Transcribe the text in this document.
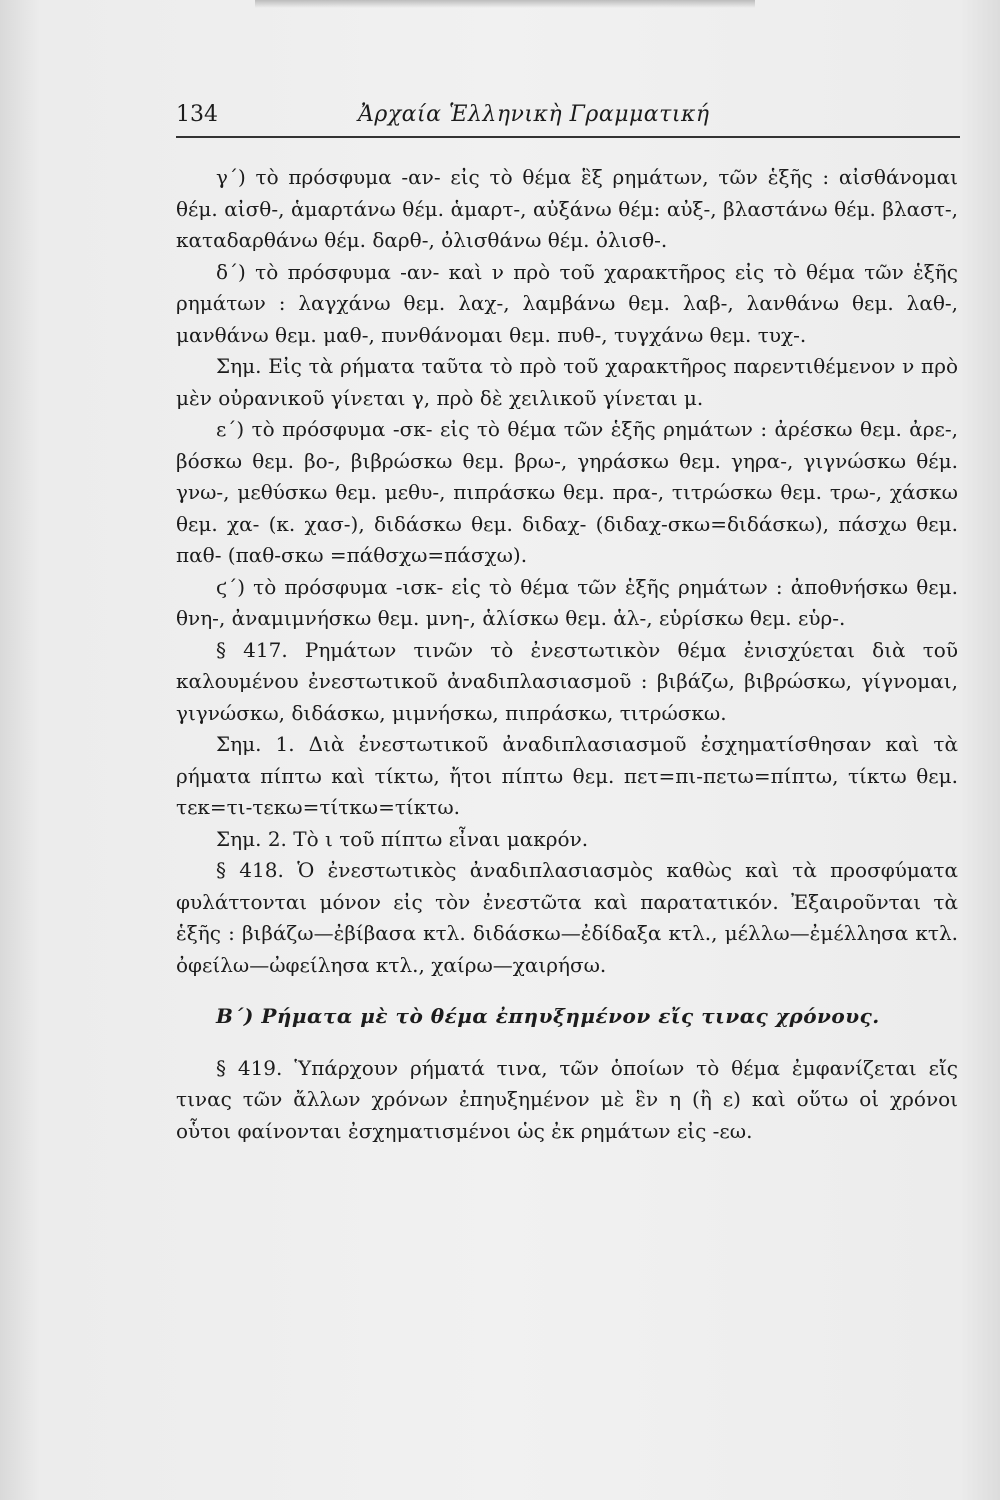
134	Ἀρχαία Ἑλληνικὴ Γραμματική

γ΄) τὸ πρόσφυμα -αν- εἰς τὸ θέμα ἓξ ρημάτων, τῶν ἑξῆς : αἰσθάνομαι θέμ. αἰσθ-, ἁμαρτάνω θέμ. ἁμαρτ-, αὐξάνω θέμ: αὐξ-, βλαστάνω θέμ. βλαστ-, καταδαρθάνω θέμ. δαρθ-, ὀλισθάνω θέμ. ὀλισθ-.

δ΄) τὸ πρόσφυμα -αν- καὶ ν πρὸ τοῦ χαρακτῆρος εἰς τὸ θέμα τῶν ἑξῆς ρημάτων : λαγχάνω θεμ. λαχ-, λαμβάνω θεμ. λαβ-, λανθάνω θεμ. λαθ-, μανθάνω θεμ. μαθ-, πυνθάνομαι θεμ. πυθ-, τυγχάνω θεμ. τυχ-.

Σημ. Εἰς τὰ ρήματα ταῦτα τὸ πρὸ τοῦ χαρακτῆρος παρεντιθέμενον ν πρὸ μὲν οὐρανικοῦ γίνεται γ, πρὸ δὲ χειλικοῦ γίνεται μ.

ε΄) τὸ πρόσφυμα -σκ- εἰς τὸ θέμα τῶν ἑξῆς ρημάτων : ἀρέσκω θεμ. ἀρε-, βόσκω θεμ. βο-, βιβρώσκω θεμ. βρω-, γηράσκω θεμ. γηρα-, γιγνώσκω θέμ. γνω-, μεθύσκω θεμ. μεθυ-, πιπράσκω θεμ. πρα-, τιτρώσκω θεμ. τρω-, χάσκω θεμ. χα- (κ. χασ-), διδάσκω θεμ. διδαχ- (διδαχ-σκω=διδάσκω), πάσχω θεμ. παθ- (παθ-σκω =πάθσχω=πάσχω).

ϛ΄) τὸ πρόσφυμα -ισκ- εἰς τὸ θέμα τῶν ἑξῆς ρημάτων : ἀποθνήσκω θεμ. θνη-, ἀναμιμνήσκω θεμ. μνη-, ἁλίσκω θεμ. ἁλ-, εὑρίσκω θεμ. εὑρ-.

§ 417. Ρημάτων τινῶν τὸ ἐνεστωτικὸν θέμα ἐνισχύεται διὰ τοῦ καλουμένου ἐνεστωτικοῦ ἀναδιπλασιασμοῦ : βιβάζω, βιβρώσκω, γίγνομαι, γιγνώσκω, διδάσκω, μιμνήσκω, πιπράσκω, τιτρώσκω.

Σημ. 1. Διὰ ἐνεστωτικοῦ ἀναδιπλασιασμοῦ ἐσχηματίσθησαν καὶ τὰ ρήματα πίπτω καὶ τίκτω, ἤτοι πίπτω θεμ. πετ=πι-πετω=πίπτω, τίκτω θεμ. τεκ=τι-τεκω=τίτκω=τίκτω.

Σημ. 2. Τὸ ι τοῦ πίπτω εἶναι μακρόν.

§ 418. Ὁ ἐνεστωτικὸς ἀναδιπλασιασμὸς καθὼς καὶ τὰ προσφύματα φυλάττονται μόνον εἰς τὸν ἐνεστῶτα καὶ παρατατικόν. Ἐξαιροῦνται τὰ ἑξῆς : βιβάζω—ἐβίβασα κτλ. διδάσκω—ἐδίδαξα κτλ., μέλλω—ἐμέλλησα κτλ. ὀφείλω—ὠφείλησα κτλ., χαίρω—χαιρήσω.

Β΄) Ρήματα μὲ τὸ θέμα ἐπηυξημένον εἴς τινας χρόνους.

§ 419. Ὑπάρχουν ρήματά τινα, τῶν ὁποίων τὸ θέμα ἐμφανίζεται εἴς τινας τῶν ἄλλων χρόνων ἐπηυξημένον μὲ ἓν η (ἢ ε) καὶ οὕτω οἱ χρόνοι οὗτοι φαίνονται ἐσχηματισμένοι ὡς ἐκ ρημάτων εἰς -εω.
